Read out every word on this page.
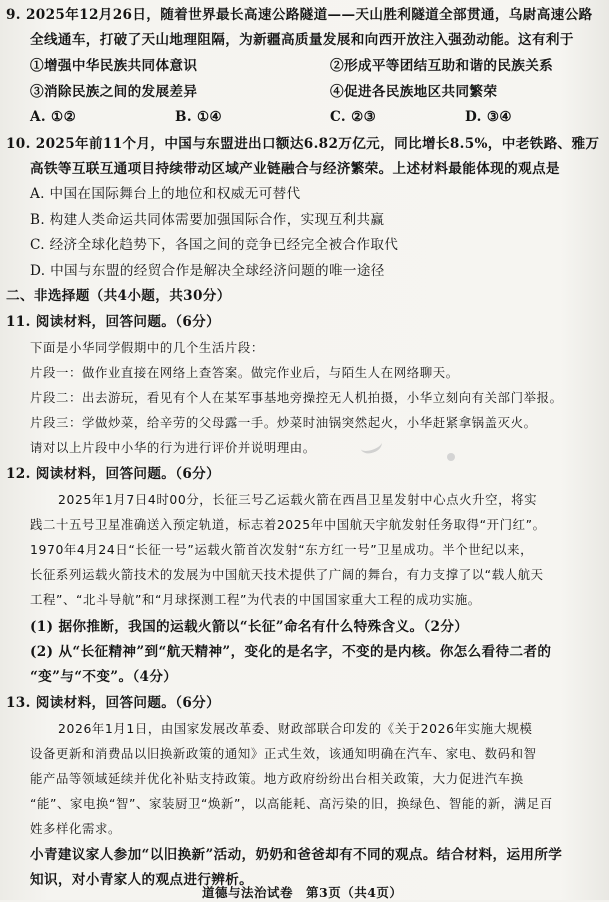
9. 2025年12月26日，随着世界最长高速公路隧道——天山胜利隧道全部贯通，乌尉高速公路
全线通车，打破了天山地理阻隔，为新疆高质量发展和向西开放注入强劲动能。这有利于
①增强中华民族共同体意识	②形成平等团结互助和谐的民族关系
③消除民族之间的发展差异	④促进各民族地区共同繁荣
A. ①②	B. ①④	C. ②③	D. ③④
10. 2025年前11个月，中国与东盟进出口额达6.82万亿元，同比增长8.5%，中老铁路、雅万
高铁等互联互通项目持续带动区域产业链融合与经济繁荣。上述材料最能体现的观点是
A. 中国在国际舞台上的地位和权威无可替代
B. 构建人类命运共同体需要加强国际合作，实现互利共赢
C. 经济全球化趋势下，各国之间的竞争已经完全被合作取代
D. 中国与东盟的经贸合作是解决全球经济问题的唯一途径
二、非选择题（共4小题，共30分）
11. 阅读材料，回答问题。（6分）
下面是小华同学假期中的几个生活片段：
片段一：做作业直接在网络上查答案。做完作业后，与陌生人在网络聊天。
片段二：出去游玩，看见有个人在某军事基地旁操控无人机拍摄，小华立刻向有关部门举报。
片段三：学做炒菜，给辛劳的父母露一手。炒菜时油锅突然起火，小华赶紧拿锅盖灭火。
请对以上片段中小华的行为进行评价并说明理由。
12. 阅读材料，回答问题。（6分）
2025年1月7日4时00分，长征三号乙运载火箭在西昌卫星发射中心点火升空，将实
践二十五号卫星准确送入预定轨道，标志着2025年中国航天宇航发射任务取得“开门红”。
1970年4月24日“长征一号”运载火箭首次发射“东方红一号”卫星成功。半个世纪以来，
长征系列运载火箭技术的发展为中国航天技术提供了广阔的舞台，有力支撑了以“载人航天
工程”、“北斗导航”和“月球探测工程”为代表的中国国家重大工程的成功实施。
(1) 据你推断，我国的运载火箭以“长征”命名有什么特殊含义。（2分）
(2) 从“长征精神”到“航天精神”，变化的是名字，不变的是内核。你怎么看待二者的
“变”与“不变”。（4分）
13. 阅读材料，回答问题。（6分）
2026年1月1日，由国家发展改革委、财政部联合印发的《关于2026年实施大规模
设备更新和消费品以旧换新政策的通知》正式生效，该通知明确在汽车、家电、数码和智
能产品等领域延续并优化补贴支持政策。地方政府纷纷出台相关政策，大力促进汽车换
“能”、家电换“智”、家装厨卫“焕新”，以高能耗、高污染的旧，换绿色、智能的新，满足百
姓多样化需求。
小青建议家人参加“以旧换新”活动，奶奶和爸爸却有不同的观点。结合材料，运用所学
知识，对小青家人的观点进行辨析。
道德与法治试卷　第3页（共4页）
